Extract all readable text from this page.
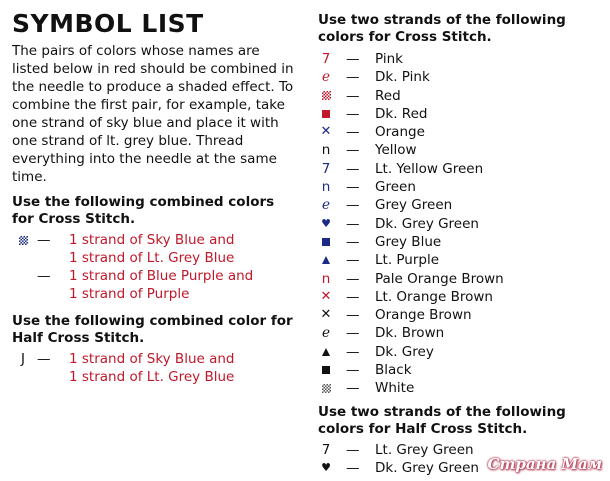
SYMBOL LIST

The pairs of colors whose names are listed below in red should be combined in the needle to produce a shaded effect. To combine the first pair, for example, take one strand of sky blue and place it with one strand of lt. grey blue. Thread everything into the needle at the same time.

Use the following combined colors for Cross Stitch.
— 1 strand of Sky Blue and
1 strand of Lt. Grey Blue
— 1 strand of Blue Purple and
1 strand of Purple
Use the following combined color for Half Cross Stitch.
J — 1 strand of Sky Blue and
1 strand of Lt. Grey Blue
Use two strands of the following colors for Cross Stitch.
7 — Pink
e — Dk. Pink
— Red
— Dk. Red
✕ — Orange
n — Yellow
7 — Lt. Yellow Green
n — Green
e — Grey Green
♥ — Dk. Grey Green
— Grey Blue
— Lt. Purple
n — Pale Orange Brown
✕ — Lt. Orange Brown
✕ — Orange Brown
e — Dk. Brown
— Dk. Grey
— Black
— White
Use two strands of the following colors for Half Cross Stitch.
7 — Lt. Grey Green
♥ — Dk. Grey Green Страна Мам
